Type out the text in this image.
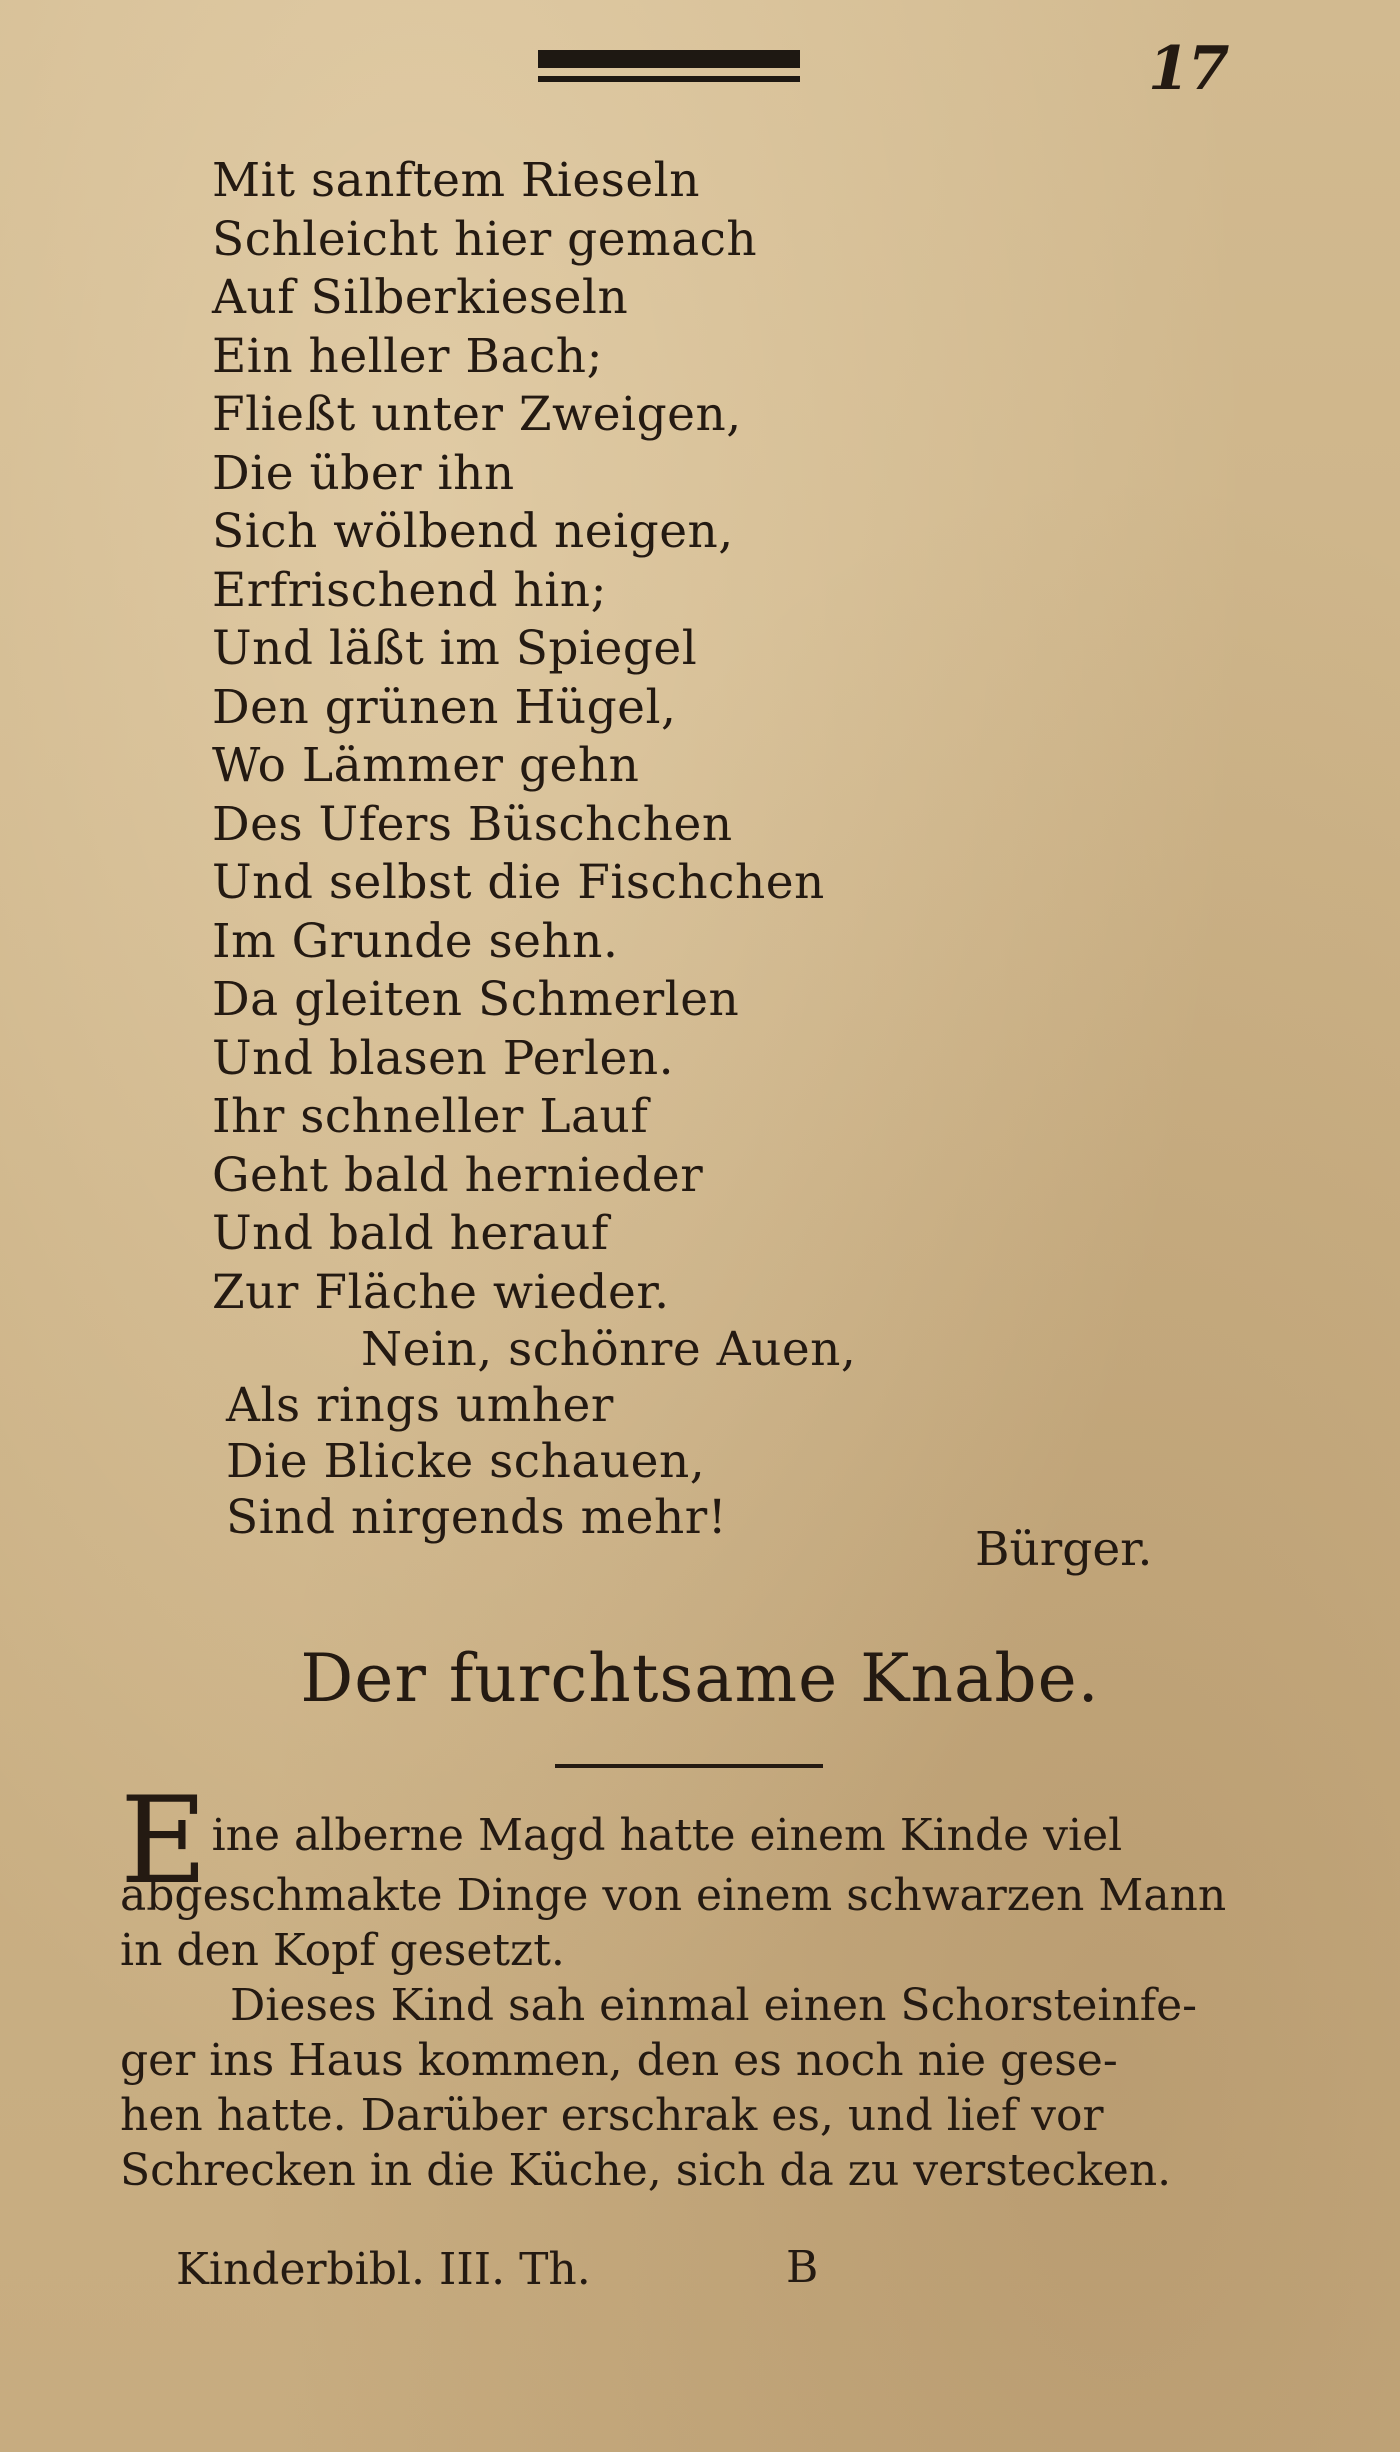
17
Mit sanftem Rieseln
Schleicht hier gemach
Auf Silberkieseln
Ein heller Bach;
Fließt unter Zweigen,
Die über ihn
Sich wölbend neigen,
Erfrischend hin;
Und läßt im Spiegel
Den grünen Hügel,
Wo Lämmer gehn
Des Ufers Büschchen
Und selbst die Fischchen
Im Grunde sehn.
Da gleiten Schmerlen
Und blasen Perlen.
Ihr schneller Lauf
Geht bald hernieder
Und bald herauf
Zur Fläche wieder.
Nein, schönre Auen,
Als rings umher
Die Blicke schauen,
Sind nirgends mehr!
Bürger.
Der furchtsame Knabe.
Eine alberne Magd hatte einem Kinde viel
abgeschmakte Dinge von einem schwarzen Mann
in den Kopf gesetzt.
Dieses Kind sah einmal einen Schorsteinfe-
ger ins Haus kommen, den es noch nie gese-
hen hatte. Darüber erschrak es, und lief vor
Schrecken in die Küche, sich da zu verstecken.
Kinderbibl. III. Th.	B
